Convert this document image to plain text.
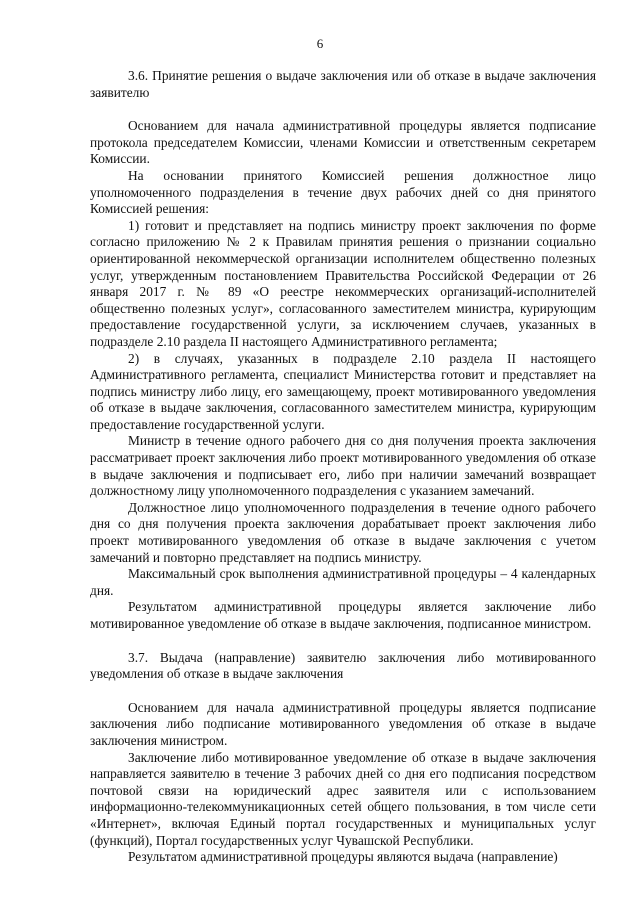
6

3.6. Принятие решения о выдаче заключения или об отказе в выдаче заключения заявителю

Основанием для начала административной процедуры является подписание протокола председателем Комиссии, членами Комиссии и ответственным секретарем Комиссии.

На основании принятого Комиссией решения должностное лицо уполномоченного подразделения в течение двух рабочих дней со дня принятого Комиссией решения:

1) готовит и представляет на подпись министру проект заключения по форме согласно приложению № 2 к Правилам принятия решения о признании социально ориентированной некоммерческой организации исполнителем общественно полезных услуг, утвержденным постановлением Правительства Российской Федерации от 26 января 2017 г. № 89 «О реестре некоммерческих организаций-исполнителей общественно полезных услуг», согласованного заместителем министра, курирующим предоставление государственной услуги, за исключением случаев, указанных в подразделе 2.10 раздела II настоящего Административного регламента;

2) в случаях, указанных в подразделе 2.10 раздела II настоящего Административного регламента, специалист Министерства готовит и представляет на подпись министру либо лицу, его замещающему, проект мотивированного уведомления об отказе в выдаче заключения, согласованного заместителем министра, курирующим предоставление государственной услуги.

Министр в течение одного рабочего дня со дня получения проекта заключения рассматривает проект заключения либо проект мотивированного уведомления об отказе в выдаче заключения и подписывает его, либо при наличии замечаний возвращает должностному лицу уполномоченного подразделения с указанием замечаний.

Должностное лицо уполномоченного подразделения в течение одного рабочего дня со дня получения проекта заключения дорабатывает проект заключения либо проект мотивированного уведомления об отказе в выдаче заключения с учетом замечаний и повторно представляет на подпись министру.

Максимальный срок выполнения административной процедуры – 4 календарных дня.

Результатом административной процедуры является заключение либо мотивированное уведомление об отказе в выдаче заключения, подписанное министром.

3.7. Выдача (направление) заявителю заключения либо мотивированного уведомления об отказе в выдаче заключения

Основанием для начала административной процедуры является подписание заключения либо подписание мотивированного уведомления об отказе в выдаче заключения министром.

Заключение либо мотивированное уведомление об отказе в выдаче заключения направляется заявителю в течение 3 рабочих дней со дня его подписания посредством почтовой связи на юридический адрес заявителя или с использованием информационно-телекоммуникационных сетей общего пользования, в том числе сети «Интернет», включая Единый портал государственных и муниципальных услуг (функций), Портал государственных услуг Чувашской Республики.

Результатом административной процедуры являются выдача (направление)
